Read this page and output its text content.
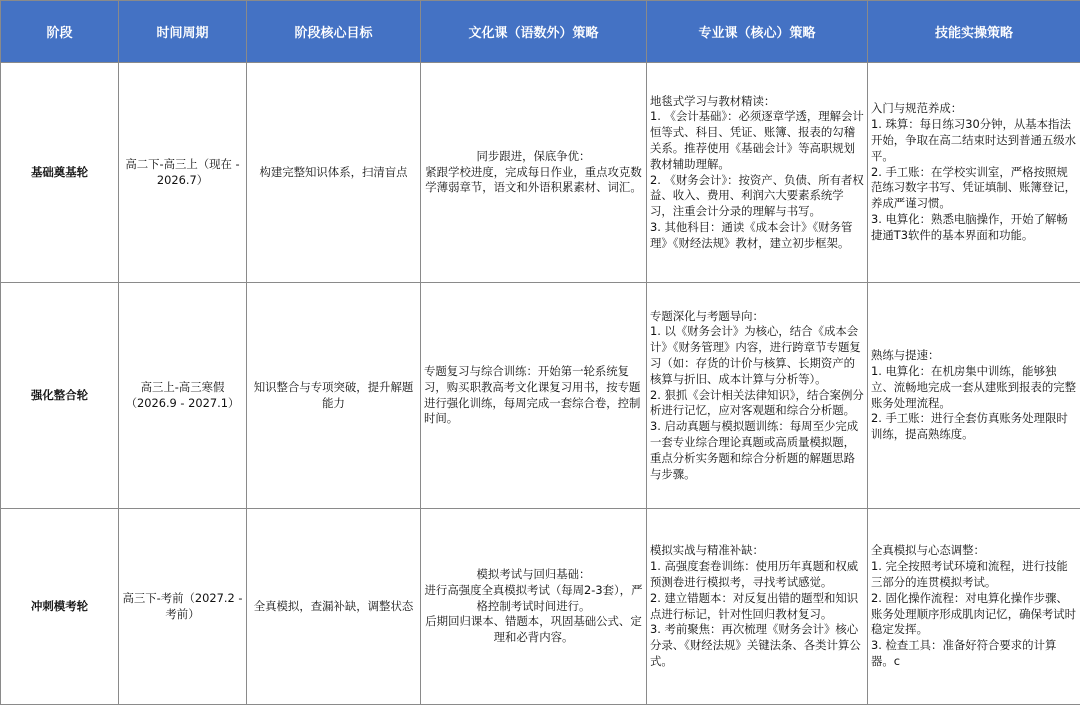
阶段	时间周期	阶段核心目标	文化课（语数外）策略	专业课（核心）策略	技能实操策略
基础奠基轮	高二下-高三上（现在 - 2026.7）	构建完整知识体系，扫清盲点	同步跟进，保底争优：
紧跟学校进度，完成每日作业，重点攻克数学薄弱章节，语文和外语积累素材、词汇。	地毯式学习与教材精读：
1. 《会计基础》：必须逐章学透，理解会计恒等式、科目、凭证、账簿、报表的勾稽关系。推荐使用《基础会计》等高职规划教材辅助理解。
2. 《财务会计》：按资产、负债、所有者权益、收入、费用、利润六大要素系统学习，注重会计分录的理解与书写。
3. 其他科目：通读《成本会计》《财务管理》《财经法规》教材，建立初步框架。	入门与规范养成：
1. 珠算：每日练习30分钟，从基本指法开始，争取在高二结束时达到普通五级水平。
2. 手工账：在学校实训室，严格按照规范练习数字书写、凭证填制、账簿登记，养成严谨习惯。
3. 电算化：熟悉电脑操作，开始了解畅捷通T3软件的基本界面和功能。
强化整合轮	高三上-高三寒假（2026.9 - 2027.1）	知识整合与专项突破，提升解题能力	专题复习与综合训练：开始第一轮系统复习，购买职教高考文化课复习用书，按专题进行强化训练，每周完成一套综合卷，控制时间。	专题深化与考题导向：
1. 以《财务会计》为核心，结合《成本会计》《财务管理》内容，进行跨章节专题复习（如：存货的计价与核算、长期资产的核算与折旧、成本计算与分析等）。
2. 狠抓《会计相关法律知识》，结合案例分析进行记忆，应对客观题和综合分析题。
3. 启动真题与模拟题训练：每周至少完成一套专业综合理论真题或高质量模拟题，重点分析实务题和综合分析题的解题思路与步骤。	熟练与提速：
1. 电算化：在机房集中训练，能够独立、流畅地完成一套从建账到报表的完整账务处理流程。
2. 手工账：进行全套仿真账务处理限时训练，提高熟练度。
冲刺模考轮	高三下-考前（2027.2 - 考前）	全真模拟，查漏补缺，调整状态	模拟考试与回归基础：
进行高强度全真模拟考试（每周2-3套），严格控制考试时间进行。
后期回归课本、错题本，巩固基础公式、定理和必背内容。	模拟实战与精准补缺：
1. 高强度套卷训练：使用历年真题和权威预测卷进行模拟考，寻找考试感觉。
2. 建立错题本：对反复出错的题型和知识点进行标记，针对性回归教材复习。
3. 考前聚焦：再次梳理《财务会计》核心分录、《财经法规》关键法条、各类计算公式。	全真模拟与心态调整：
1. 完全按照考试环境和流程，进行技能三部分的连贯模拟考试。
2. 固化操作流程：对电算化操作步骤、账务处理顺序形成肌肉记忆，确保考试时稳定发挥。
3. 检查工具：准备好符合要求的计算器。c
